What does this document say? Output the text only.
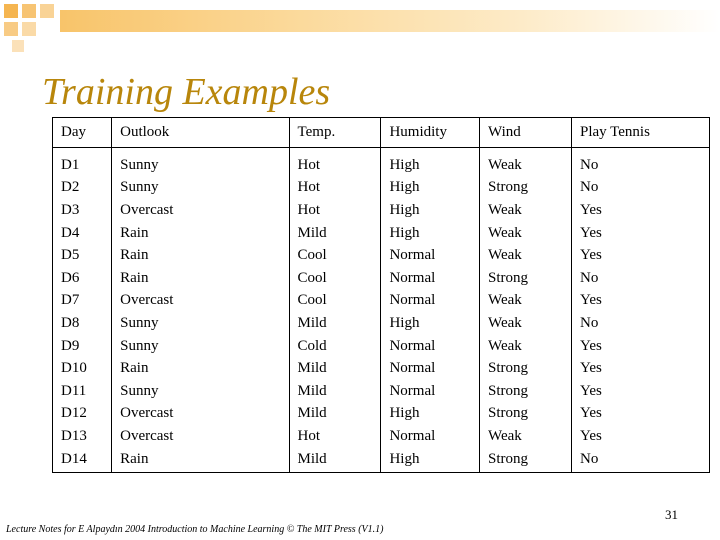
Training Examples
Day	Outlook	Temp.	Humidity	Wind	Play Tennis
D1	Sunny	Hot	High	Weak	No
D2	Sunny	Hot	High	Strong	No
D3	Overcast	Hot	High	Weak	Yes
D4	Rain	Mild	High	Weak	Yes
D5	Rain	Cool	Normal	Weak	Yes
D6	Rain	Cool	Normal	Strong	No
D7	Overcast	Cool	Normal	Weak	Yes
D8	Sunny	Mild	High	Weak	No
D9	Sunny	Cold	Normal	Weak	Yes
D10	Rain	Mild	Normal	Strong	Yes
D11	Sunny	Mild	Normal	Strong	Yes
D12	Overcast	Mild	High	Strong	Yes
D13	Overcast	Hot	Normal	Weak	Yes
D14	Rain	Mild	High	Strong	No
31
Lecture Notes for E Alpaydın 2004 Introduction to Machine Learning © The MIT Press (V1.1)
